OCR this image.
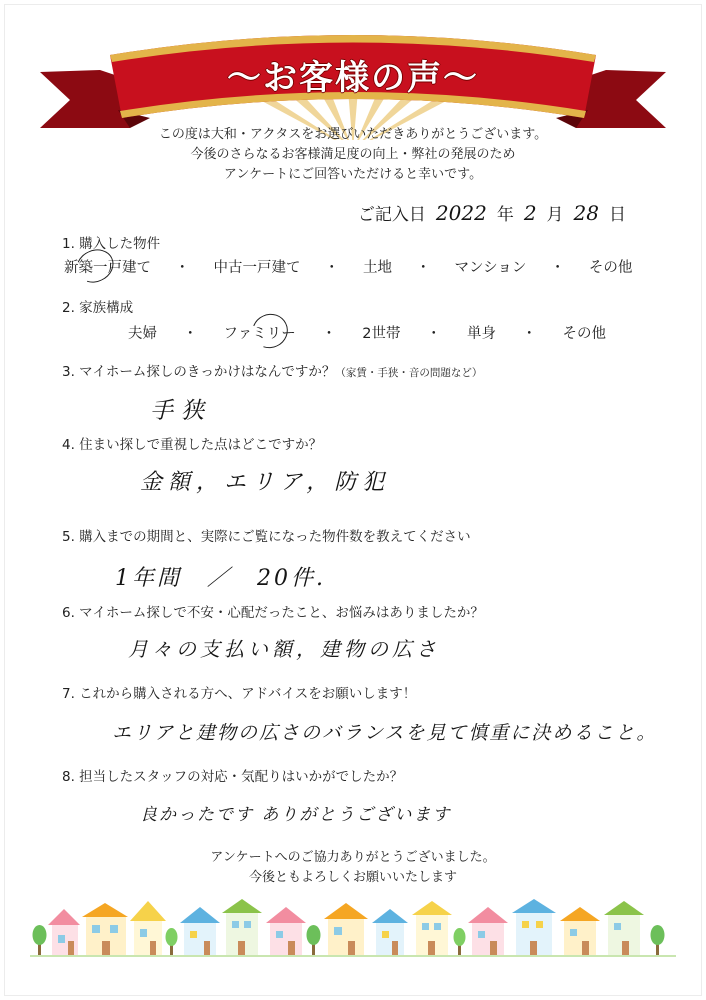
～お客様の声～
この度は大和・アクタスをお選びいただきありがとうございます。
今後のさらなるお客様満足度の向上・弊社の発展のため
アンケートにご回答いただけると幸いです。
ご記入日 2022 年 2 月 28 日
1. 購入した物件
新築一戸建て ・ 中古一戸建て ・ 土地 ・ マンション ・ その他
2. 家族構成
夫婦 ・ ファミリー ・ 2世帯 ・ 単身 ・ その他
3. マイホーム探しのきっかけはなんですか？（家賃・手狭・音の問題など）
手狭
4. 住まい探しで重視した点はどこですか？
金額，エリア，防犯
5. 購入までの期間と、実際にご覧になった物件数を教えてください
1年間　／　20件.
6. マイホーム探しで不安・心配だったこと、お悩みはありましたか？
月々の支払い額，建物の広さ
7. これから購入される方へ、アドバイスをお願いします！
エリアと建物の広さのバランスを見て慎重に決めること。
8. 担当したスタッフの対応・気配りはいかがでしたか？
良かったです ありがとうございます
アンケートへのご協力ありがとうございました。
今後ともよろしくお願いいたします
